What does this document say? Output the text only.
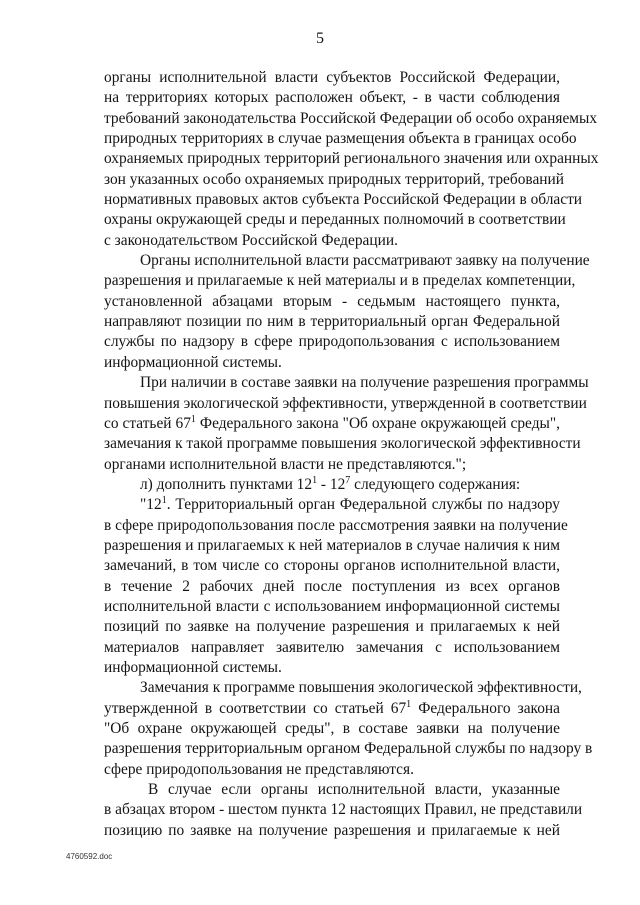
5
органы исполнительной власти субъектов Российской Федерации,
на территориях которых расположен объект, - в части соблюдения
требований законодательства Российской Федерации об особо охраняемых
природных территориях в случае размещения объекта в границах особо
охраняемых природных территорий регионального значения или охранных
зон указанных особо охраняемых природных территорий, требований
нормативных правовых актов субъекта Российской Федерации в области
охраны окружающей среды и переданных полномочий в соответствии
с законодательством Российской Федерации.
Органы исполнительной власти рассматривают заявку на получение
разрешения и прилагаемые к ней материалы и в пределах компетенции,
установленной абзацами вторым - седьмым настоящего пункта,
направляют позиции по ним в территориальный орган Федеральной
службы по надзору в сфере природопользования с использованием
информационной системы.
При наличии в составе заявки на получение разрешения программы
повышения экологической эффективности, утвержденной в соответствии
со статьей $67^1$ Федерального закона "Об охране окружающей среды",
замечания к такой программе повышения экологической эффективности
органами исполнительной власти не представляются.";
л) дополнить пунктами $12^1 - 12^7$ следующего содержания:
"$12^1$. Территориальный орган Федеральной службы по надзору
в сфере природопользования после рассмотрения заявки на получение
разрешения и прилагаемых к ней материалов в случае наличия к ним
замечаний, в том числе со стороны органов исполнительной власти,
в течение 2 рабочих дней после поступления из всех органов
исполнительной власти с использованием информационной системы
позиций по заявке на получение разрешения и прилагаемых к ней
материалов направляет заявителю замечания с использованием
информационной системы.
Замечания к программе повышения экологической эффективности,
утвержденной в соответствии со статьей $67^1$ Федерального закона
"Об охране окружающей среды", в составе заявки на получение
разрешения территориальным органом Федеральной службы по надзору в
сфере природопользования не представляются.
В случае если органы исполнительной власти, указанные
в абзацах втором - шестом пункта 12 настоящих Правил, не представили
позицию по заявке на получение разрешения и прилагаемые к ней
4760592.doc
